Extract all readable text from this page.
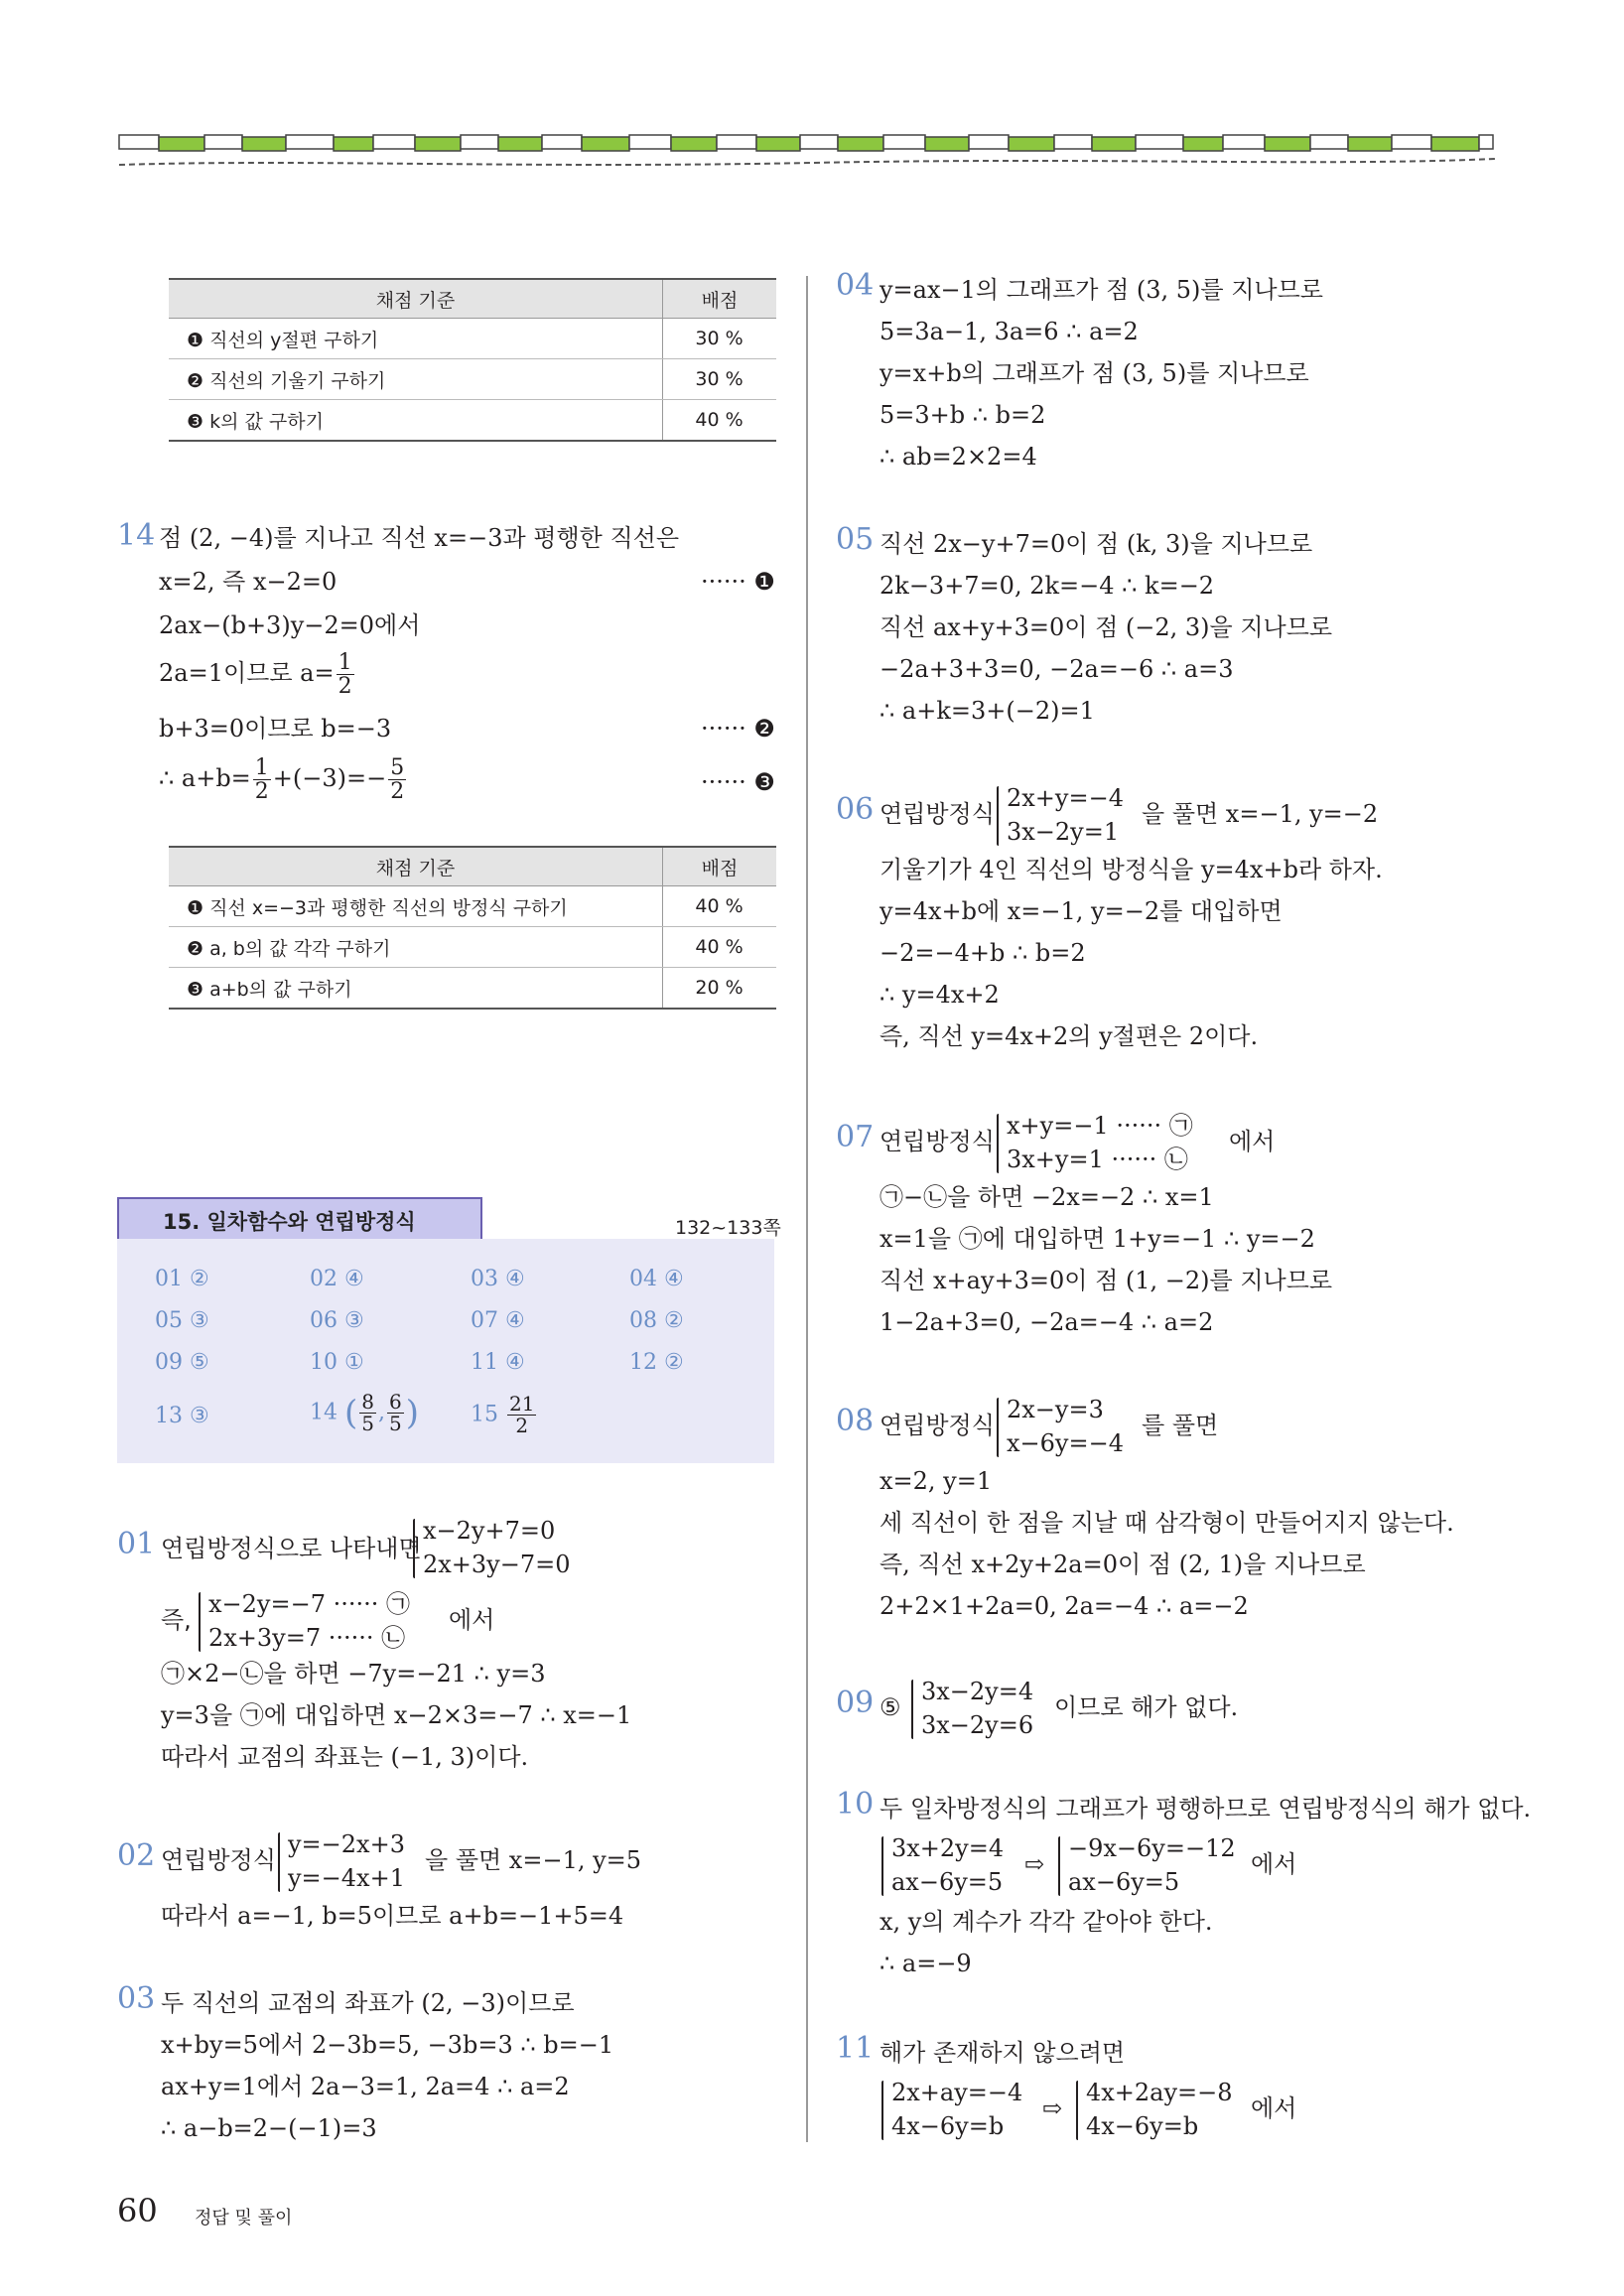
채점 기준	배점
❶ 직선의 y절편 구하기	30 %
❷ 직선의 기울기 구하기	30 %
❸ k의 값 구하기	40 %
14 점 (2, −4)를 지나고 직선 x=−3과 평행한 직선은
x=2, 즉 x−2=0	······ ❶
2ax−(b+3)y−2=0에서
2a=1이므로 $a= \frac{1}{2}$
b+3=0이므로 b=−3	······ ❷
∴ $a+b= \frac{1}{2} +(-3)=- \frac{5}{2}$	······ ❸
채점 기준	배점
❶ 직선 x=−3과 평행한 직선의 방정식 구하기	40 %
❷ a, b의 값 각각 구하기	40 %
❸ a+b의 값 구하기	20 %
15. 일차함수와 연립방정식	132~133쪽
01 ②	02 ④	03 ④	04 ④
05 ③	06 ③	07 ④	08 ②
09 ⑤	10 ①	11 ④	12 ②
13 ③	14 ( $\frac{8}{5}$ , $\frac{6}{5}$ ) $15 \frac{21}{2}$
01 연립방정식으로 나타내면
x−2y+7=0
2x+3y−7=0
즉,
x−2y=−7 ······ ㉠
2x+3y=7 ······ ㉡
에서
㉠×2−㉡을 하면 −7y=−21 ∴ y=3
y=3을 ㉠에 대입하면 x−2×3=−7 ∴ x=−1
따라서 교점의 좌표는 (−1, 3)이다.
02 연립방정식
y=−2x+3
y=−4x+1
을 풀면 x=−1, y=5
따라서 a=−1, b=5이므로 a+b=−1+5=4
03 두 직선의 교점의 좌표가 (2, −3)이므로
x+by=5에서 2−3b=5, −3b=3 ∴ b=−1
ax+y=1에서 2a−3=1, 2a=4 ∴ a=2
∴ a−b=2−(−1)=3
04 y=ax−1의 그래프가 점 (3, 5)를 지나므로
5=3a−1, 3a=6 ∴ a=2
y=x+b의 그래프가 점 (3, 5)를 지나므로
5=3+b ∴ b=2
∴ ab=2×2=4
05 직선 2x−y+7=0이 점 (k, 3)을 지나므로
2k−3+7=0, 2k=−4 ∴ k=−2
직선 ax+y+3=0이 점 (−2, 3)을 지나므로
−2a+3+3=0, −2a=−6 ∴ a=3
∴ a+k=3+(−2)=1
06 연립방정식
2x+y=−4
3x−2y=1
을 풀면 x=−1, y=−2
기울기가 4인 직선의 방정식을 y=4x+b라 하자.
y=4x+b에 x=−1, y=−2를 대입하면
−2=−4+b ∴ b=2
∴ y=4x+2
즉, 직선 y=4x+2의 y절편은 2이다.
07 연립방정식
x+y=−1 ······ ㉠
3x+y=1 ······ ㉡
에서
㉠−㉡을 하면 −2x=−2 ∴ x=1
x=1을 ㉠에 대입하면 1+y=−1 ∴ y=−2
직선 x+ay+3=0이 점 (1, −2)를 지나므로
1−2a+3=0, −2a=−4 ∴ a=2
08 연립방정식
2x−y=3
x−6y=−4
를 풀면
x=2, y=1
세 직선이 한 점을 지날 때 삼각형이 만들어지지 않는다.
즉, 직선 x+2y+2a=0이 점 (2, 1)을 지나므로
2+2×1+2a=0, 2a=−4 ∴ a=−2
09 ⑤
3x−2y=4
3x−2y=6
이므로 해가 없다.
10 두 일차방정식의 그래프가 평행하므로 연립방정식의 해가 없다.
3x+2y=4
ax−6y=5
⇨
−9x−6y=−12
ax−6y=5
에서
x, y의 계수가 각각 같아야 한다.
∴ a=−9
11 해가 존재하지 않으려면
2x+ay=−4
4x−6y=b
⇨
4x+2ay=−8
4x−6y=b
에서
60 정답 및 풀이
